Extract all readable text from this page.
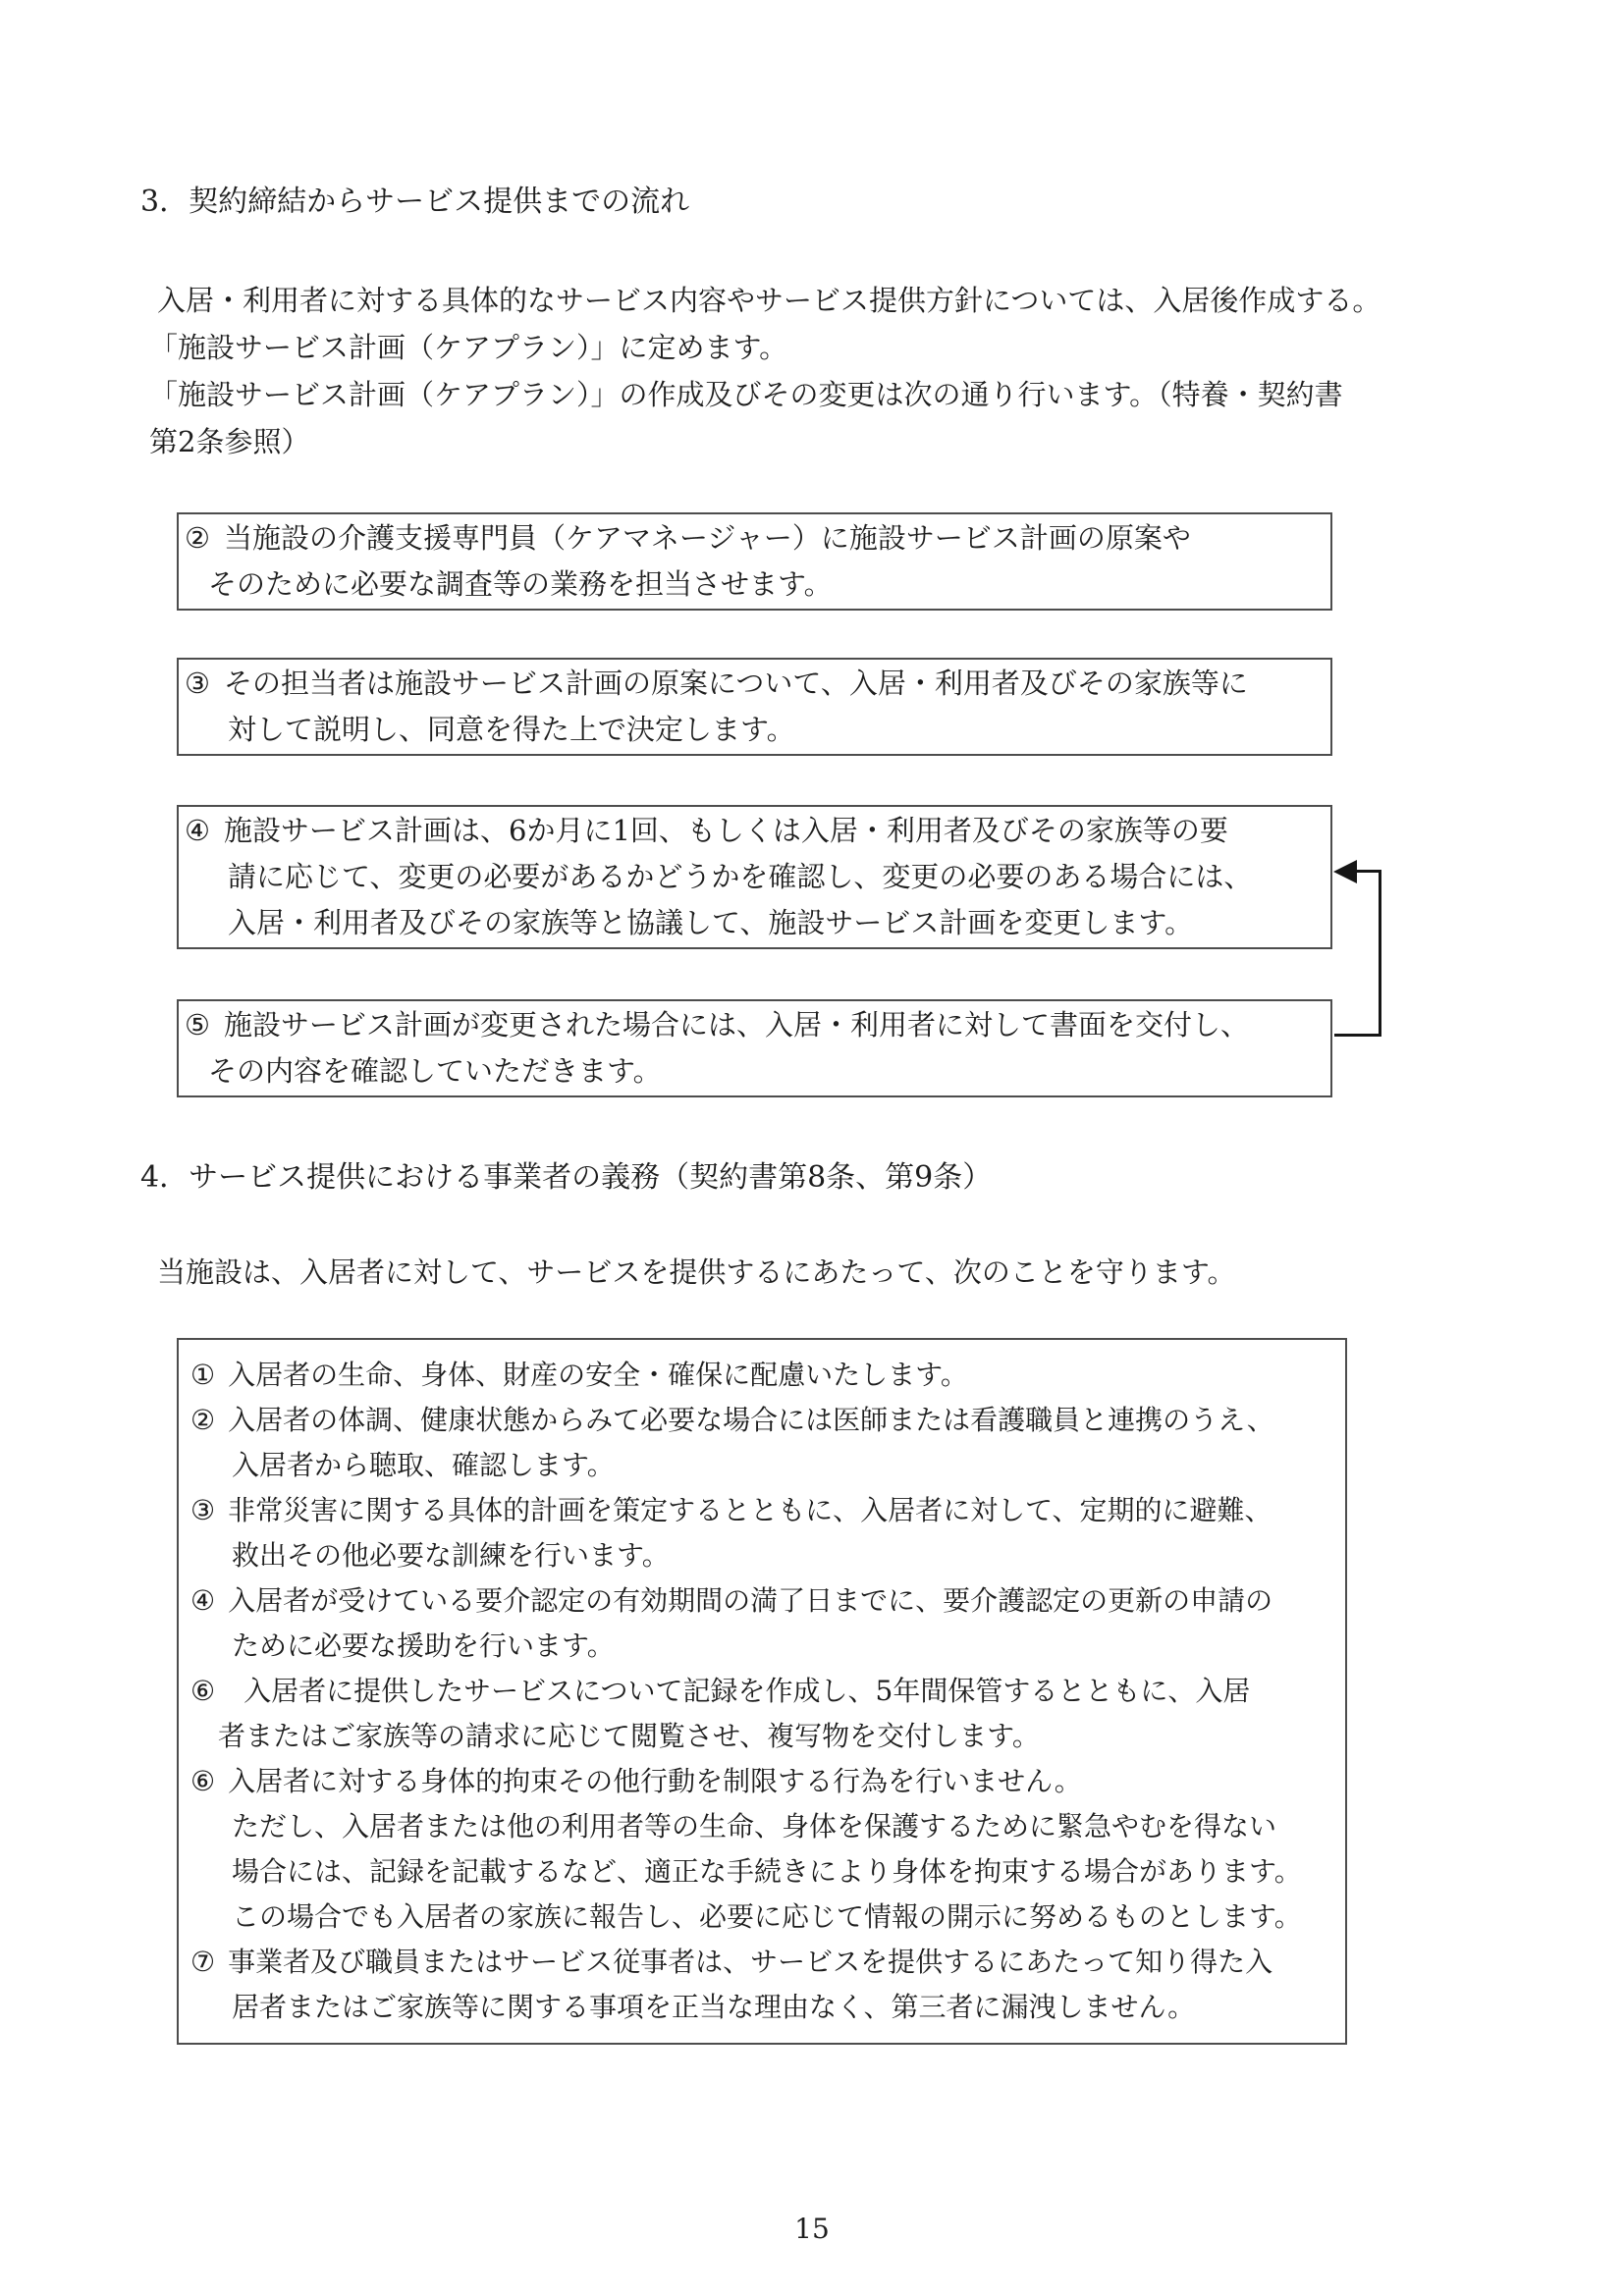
3．契約締結からサービス提供までの流れ
入居・利用者に対する具体的なサービス内容やサービス提供方針については、入居後作成する。
「施設サービス計画（ケアプラン）」に定めます。
「施設サービス計画（ケアプラン）」の作成及びその変更は次の通り行います。（特養・契約書
第2条参照）
② 当施設の介護支援専門員（ケアマネージャー）に施設サービス計画の原案や
そのために必要な調査等の業務を担当させます。
③ その担当者は施設サービス計画の原案について、入居・利用者及びその家族等に
対して説明し、同意を得た上で決定します。
④ 施設サービス計画は、6か月に1回、もしくは入居・利用者及びその家族等の要
請に応じて、変更の必要があるかどうかを確認し、変更の必要のある場合には、
入居・利用者及びその家族等と協議して、施設サービス計画を変更します。
⑤ 施設サービス計画が変更された場合には、入居・利用者に対して書面を交付し、
その内容を確認していただきます。
4．サービス提供における事業者の義務（契約書第8条、第9条）
当施設は、入居者に対して、サービスを提供するにあたって、次のことを守ります。
① 入居者の生命、身体、財産の安全・確保に配慮いたします。
② 入居者の体調、健康状態からみて必要な場合には医師または看護職員と連携のうえ、
入居者から聴取、確認します。
③ 非常災害に関する具体的計画を策定するとともに、入居者に対して、定期的に避難、
救出その他必要な訓練を行います。
④ 入居者が受けている要介認定の有効期間の満了日までに、要介護認定の更新の申請の
ために必要な援助を行います。
⑥ 入居者に提供したサービスについて記録を作成し、5年間保管するとともに、入居
者またはご家族等の請求に応じて閲覧させ、複写物を交付します。
⑥ 入居者に対する身体的拘束その他行動を制限する行為を行いません。
ただし、入居者または他の利用者等の生命、身体を保護するために緊急やむを得ない
場合には、記録を記載するなど、適正な手続きにより身体を拘束する場合があります。
この場合でも入居者の家族に報告し、必要に応じて情報の開示に努めるものとします。
⑦ 事業者及び職員またはサービス従事者は、サービスを提供するにあたって知り得た入
居者またはご家族等に関する事項を正当な理由なく、第三者に漏洩しません。
15
